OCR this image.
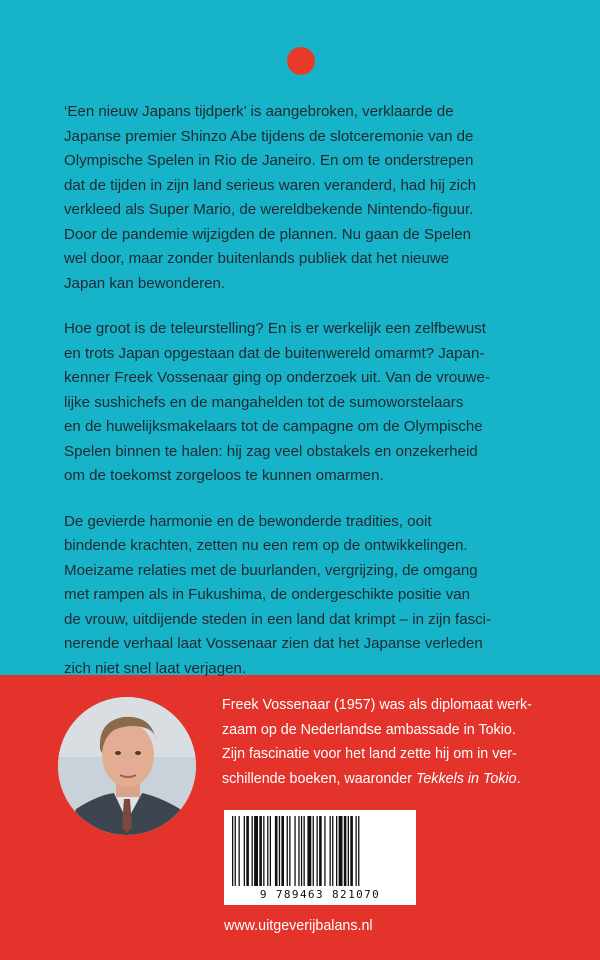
‘Een nieuw Japans tijdperk’ is aangebroken, verklaarde de
Japanse premier Shinzo Abe tijdens de slotceremonie van de
Olympische Spelen in Rio de Janeiro. En om te onderstrepen
dat de tijden in zijn land serieus waren veranderd, had hij zich
verkleed als Super Mario, de wereldbekende Nintendo-figuur.
Door de pandemie wijzigden de plannen. Nu gaan de Spelen
wel door, maar zonder buitenlands publiek dat het nieuwe
Japan kan bewonderen.

Hoe groot is de teleurstelling? En is er werkelijk een zelfbewust
en trots Japan opgestaan dat de buitenwereld omarmt? Japan-
kenner Freek Vossenaar ging op onderzoek uit. Van de vrouwe-
lijke sushichefs en de mangahelden tot de sumoworstelaars
en de huwelijksmakelaars tot de campagne om de Olympische
Spelen binnen te halen: hij zag veel obstakels en onzekerheid
om de toekomst zorgeloos te kunnen omarmen.

De gevierde harmonie en de bewonderde tradities, ooit
bindende krachten, zetten nu een rem op de ontwikkelingen.
Moeizame relaties met de buurlanden, vergrijzing, de omgang
met rampen als in Fukushima, de ondergeschikte positie van
de vrouw, uitdijende steden in een land dat krimpt – in zijn fasci-
nerende verhaal laat Vossenaar zien dat het Japanse verleden
zich niet snel laat verjagen.

Freek Vossenaar (1957) was als diplomaat werk-
zaam op de Nederlandse ambassade in Tokio.
Zijn fascinatie voor het land zette hij om in ver-
schillende boeken, waaronder Tekkels in Tokio.
9 789463 821070
www.uitgeverijbalans.nl
